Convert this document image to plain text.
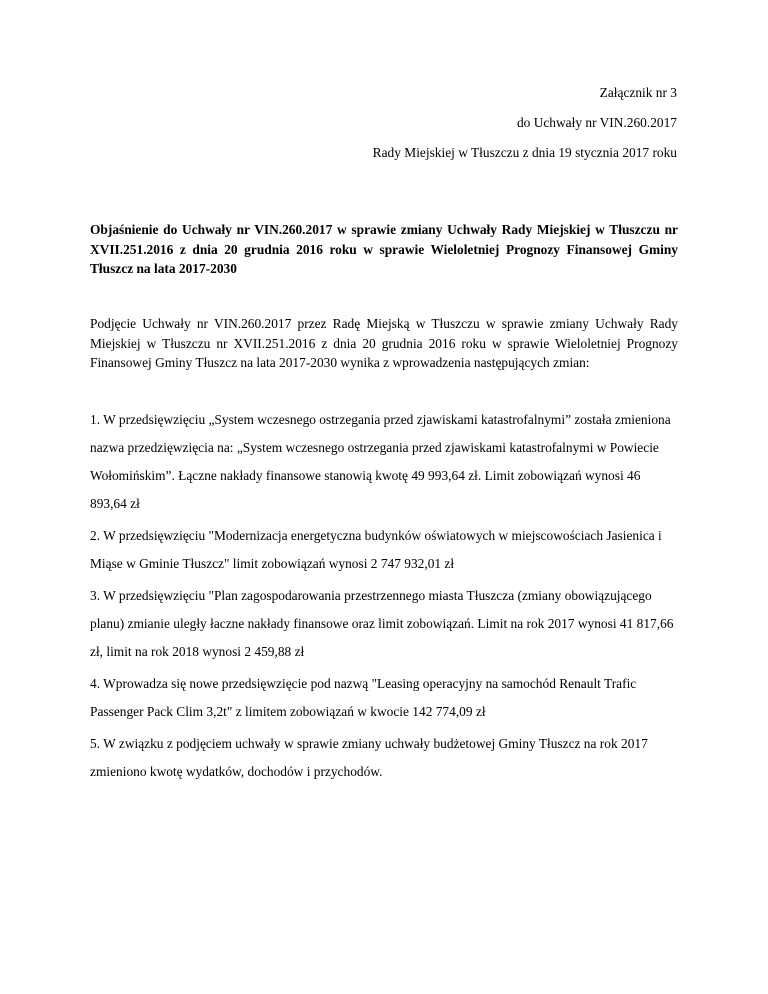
Załącznik nr 3
do Uchwały nr VIN.260.2017
Rady Miejskiej w Tłuszczu z dnia 19 stycznia 2017 roku
Objaśnienie do Uchwały nr VIN.260.2017 w sprawie zmiany Uchwały Rady Miejskiej w Tłuszczu nr XVII.251.2016 z dnia 20 grudnia 2016 roku w sprawie Wieloletniej Prognozy Finansowej Gminy Tłuszcz na lata 2017-2030
Podjęcie Uchwały nr VIN.260.2017 przez Radę Miejską w Tłuszczu w sprawie zmiany Uchwały Rady Miejskiej w Tłuszczu nr XVII.251.2016 z dnia 20 grudnia 2016 roku w sprawie Wieloletniej Prognozy Finansowej Gminy Tłuszcz na lata 2017-2030 wynika z wprowadzenia następujących zmian:
1. W przedsięwzięciu „System wczesnego ostrzegania przed zjawiskami katastrofalnymi” została zmieniona nazwa przedzięwzięcia na: „System wczesnego ostrzegania przed zjawiskami katastrofalnymi w Powiecie Wołomińskim”. Łączne nakłady finansowe stanowią kwotę 49 993,64 zł. Limit zobowiązań wynosi 46 893,64 zł
2. W przedsięwzięciu "Modernizacja energetyczna budynków oświatowych w miejscowościach Jasienica i Miąse w Gminie Tłuszcz" limit zobowiązań wynosi 2 747 932,01 zł
3. W przedsięwzięciu "Plan zagospodarowania przestrzennego miasta Tłuszcza (zmiany obowiązującego planu) zmianie uległy łaczne nakłady finansowe oraz limit zobowiązań. Limit na rok 2017 wynosi 41 817,66 zł, limit na rok 2018 wynosi 2 459,88 zł
4. Wprowadza się nowe przedsięwzięcie pod nazwą "Leasing operacyjny na samochód Renault Trafic Passenger Pack Clim 3,2t" z limitem zobowiązań w kwocie 142 774,09 zł
5. W związku z podjęciem uchwały w sprawie zmiany uchwały budżetowej Gminy Tłuszcz na rok 2017 zmieniono kwotę wydatków, dochodów i przychodów.
